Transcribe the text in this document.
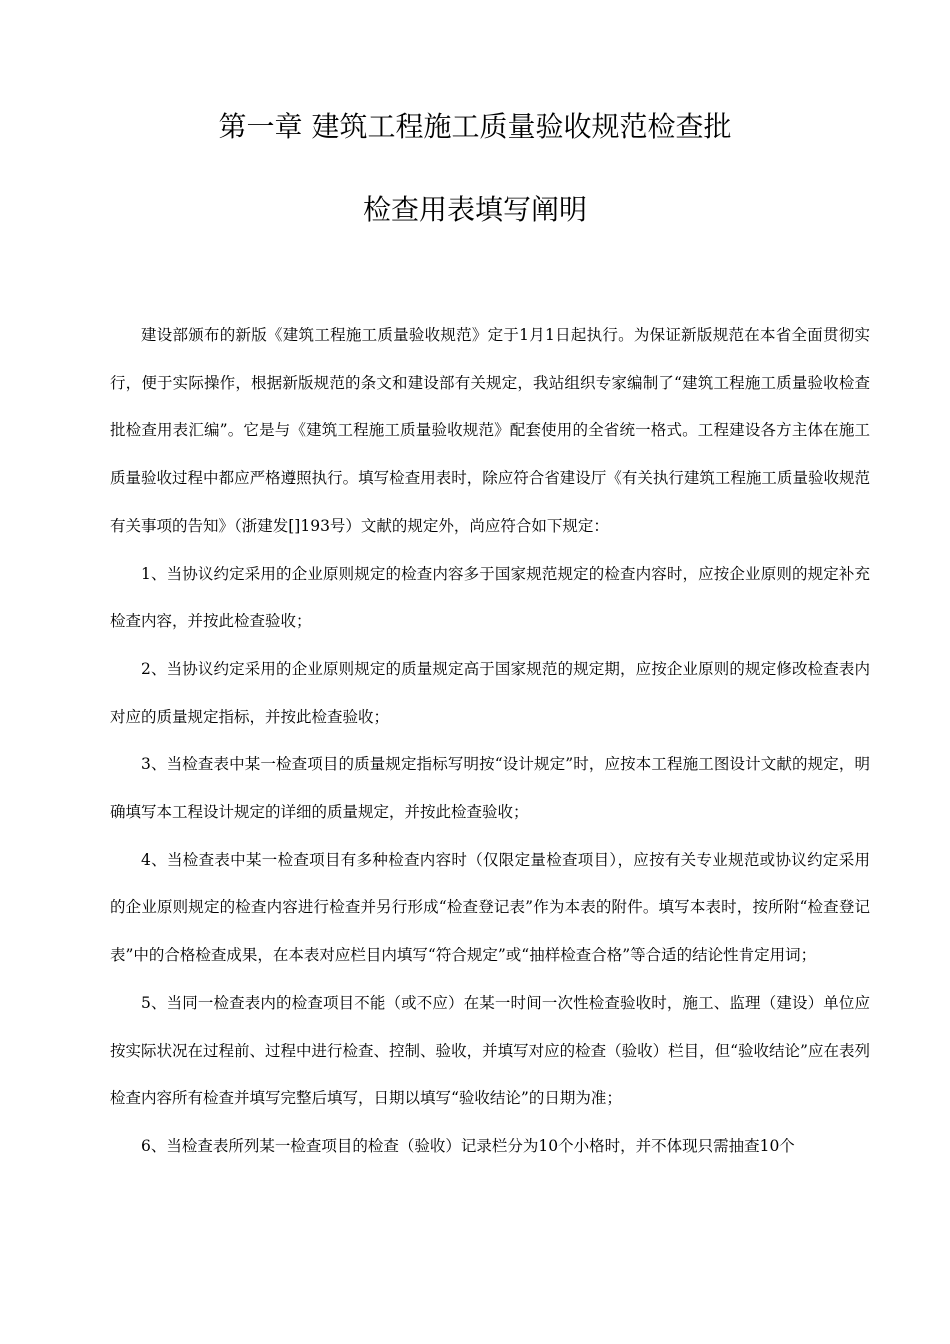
第一章 建筑工程施工质量验收规范检查批
检查用表填写阐明

建设部颁布的新版《建筑工程施工质量验收规范》定于1月1日起执行。为保证新版规范在本省全面贯彻实行，便于实际操作，根据新版规范的条文和建设部有关规定，我站组织专家编制了“建筑工程施工质量验收检查批检查用表汇编”。它是与《建筑工程施工质量验收规范》配套使用的全省统一格式。工程建设各方主体在施工质量验收过程中都应严格遵照执行。填写检查用表时，除应符合省建设厅《有关执行建筑工程施工质量验收规范有关事项的告知》（浙建发[]193号）文献的规定外，尚应符合如下规定：

1、当协议约定采用的企业原则规定的检查内容多于国家规范规定的检查内容时，应按企业原则的规定补充检查内容，并按此检查验收；

2、当协议约定采用的企业原则规定的质量规定高于国家规范的规定期，应按企业原则的规定修改检查表内对应的质量规定指标，并按此检查验收；

3、当检查表中某一检查项目的质量规定指标写明按“设计规定”时，应按本工程施工图设计文献的规定，明确填写本工程设计规定的详细的质量规定，并按此检查验收；

4、当检查表中某一检查项目有多种检查内容时（仅限定量检查项目），应按有关专业规范或协议约定采用的企业原则规定的检查内容进行检查并另行形成“检查登记表”作为本表的附件。填写本表时，按所附“检查登记表”中的合格检查成果，在本表对应栏目内填写“符合规定”或“抽样检查合格”等合适的结论性肯定用词；

5、当同一检查表内的检查项目不能（或不应）在某一时间一次性检查验收时，施工、监理（建设）单位应按实际状况在过程前、过程中进行检查、控制、验收，并填写对应的检查（验收）栏目，但“验收结论”应在表列检查内容所有检查并填写完整后填写，日期以填写“验收结论”的日期为准；

6、当检查表所列某一检查项目的检查（验收）记录栏分为10个小格时，并不体现只需抽查10个
